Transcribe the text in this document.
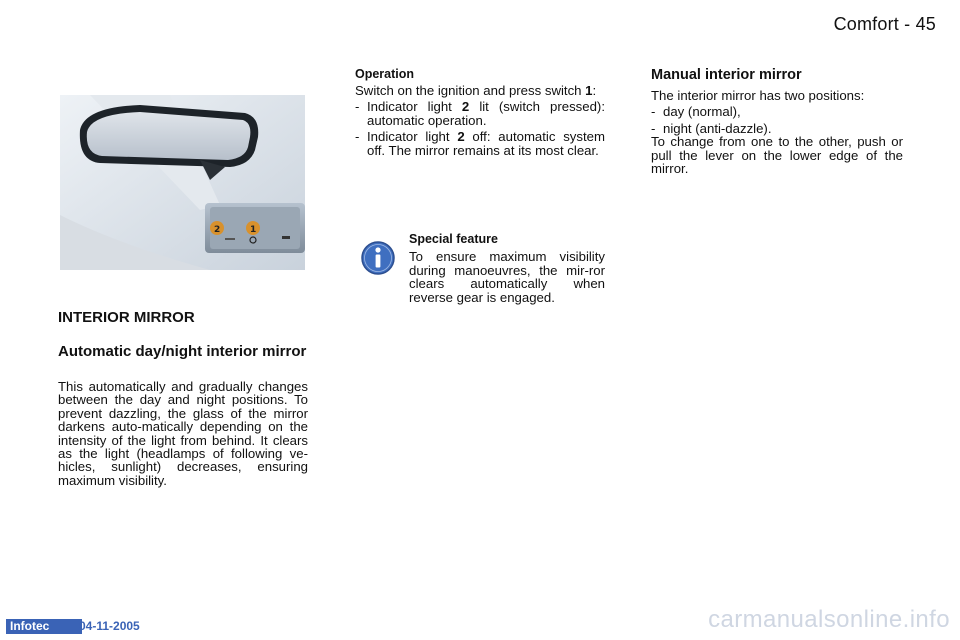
Comfort - 45
2	1
INTERIOR MIRROR
Automatic day/night interior mirror
This automatically and gradually changes between the day and night positions. To prevent dazzling, the glass of the mirror darkens auto-matically depending on the intensity of the light from behind. It clears as the light (headlamps of following ve-hicles, sunlight) decreases, ensuring maximum visibility.
Operation
Switch on the ignition and press switch 1:
- Indicator light 2 lit (switch pressed): automatic operation.
- Indicator light 2 off: automatic system off. The mirror remains at its most clear.
Special feature
To ensure maximum visibility during manoeuvres, the mir-ror clears automatically when reverse gear is engaged.
Manual interior mirror
The interior mirror has two positions:
- day (normal),
- night (anti-dazzle).
To change from one to the other, push or pull the lever on the lower edge of the mirror.
Infotec	04-11-2005	carmanualsonline.info
